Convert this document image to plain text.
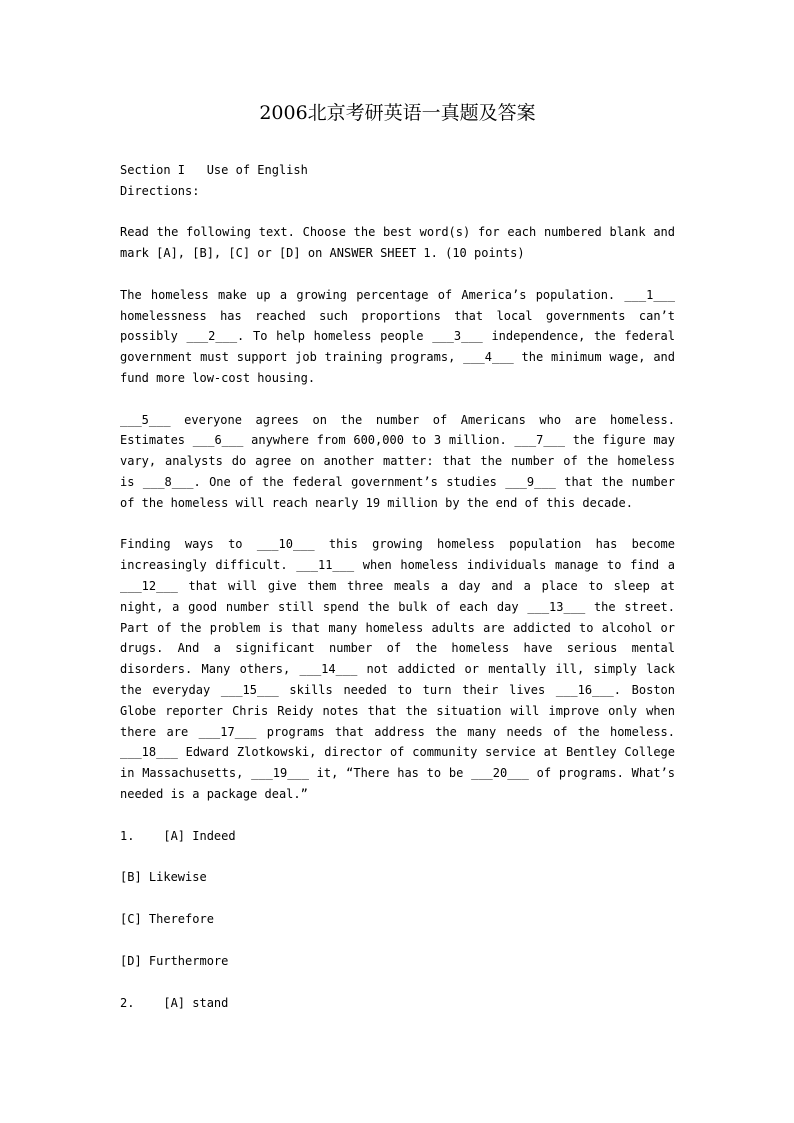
2006北京考研英语一真题及答案
Section I   Use of English
Directions:

Read the following text. Choose the best word(s) for each numbered blank and mark [A], [B], [C] or [D] on ANSWER SHEET 1. (10 points)

The homeless make up a growing percentage of America’s population. ___1___ homelessness has reached such proportions that local governments can’t possibly ___2___. To help homeless people ___3___ independence, the federal government must support job training programs, ___4___ the minimum wage, and fund more low-cost housing.

___5___ everyone agrees on the number of Americans who are homeless. Estimates ___6___ anywhere from 600,000 to 3 million. ___7___ the figure may vary, analysts do agree on another matter: that the number of the homeless is ___8___. One of the federal government’s studies ___9___ that the number of the homeless will reach nearly 19 million by the end of this decade.

Finding ways to ___10___ this growing homeless population has become increasingly difficult. ___11___ when homeless individuals manage to find a ___12___ that will give them three meals a day and a place to sleep at night, a good number still spend the bulk of each day ___13___ the street. Part of the problem is that many homeless adults are addicted to alcohol or drugs. And a significant number of the homeless have serious mental disorders. Many others, ___14___ not addicted or mentally ill, simply lack the everyday ___15___ skills needed to turn their lives ___16___. Boston Globe reporter Chris Reidy notes that the situation will improve only when there are ___17___ programs that address the many needs of the homeless. ___18___ Edward Zlotkowski, director of community service at Bentley College in Massachusetts, ___19___ it, “There has to be ___20___ of programs. What’s needed is a package deal.”

1.    [A] Indeed
[B] Likewise
[C] Therefore
[D] Furthermore
2.    [A] stand
